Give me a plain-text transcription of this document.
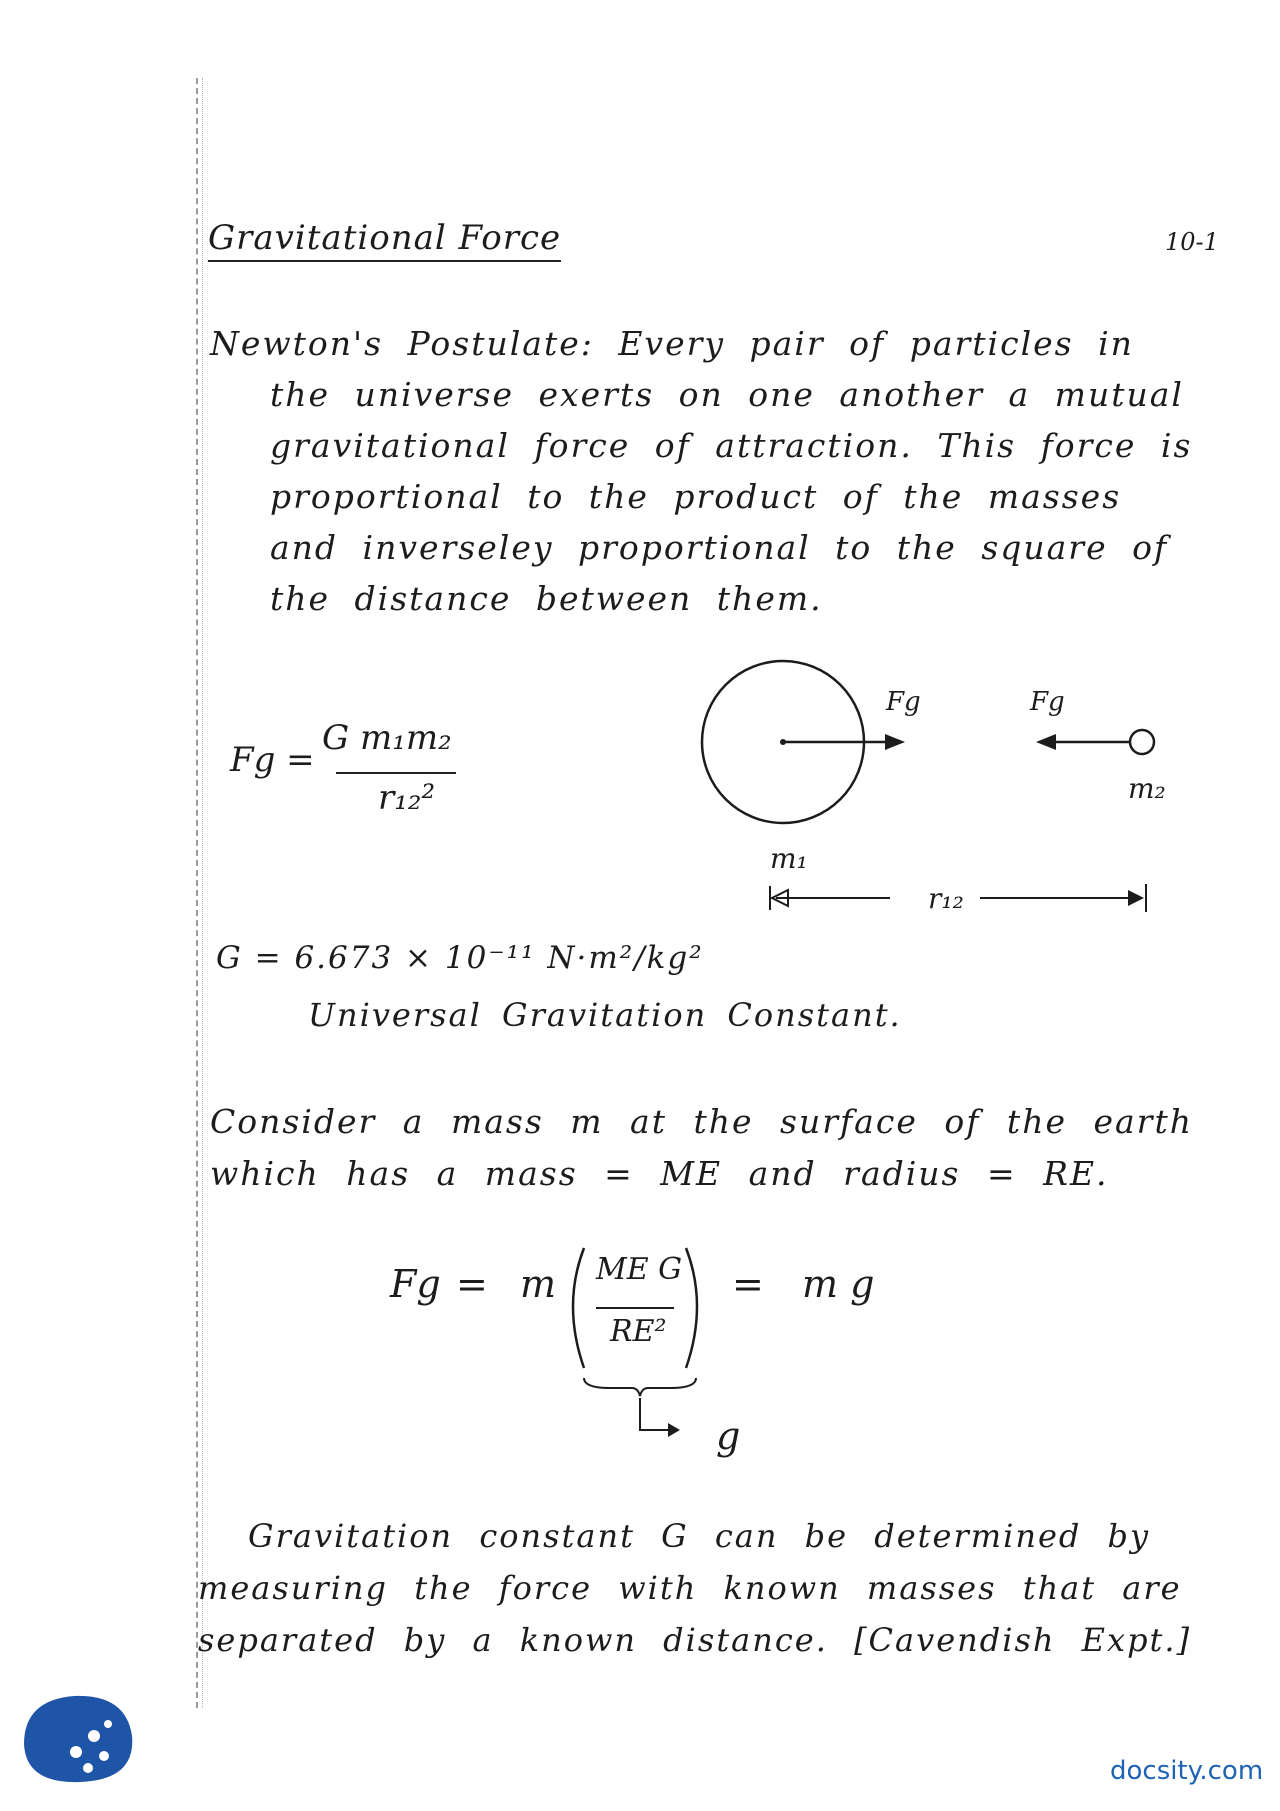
Gravitational Force	10-1
Newton's Postulate: Every pair of particles in
the universe exerts on one another a mutual gravitational force of attraction. This force is proportional to the product of the masses and inverseley proportional to the square of the distance between them.
Fg =
G m₁m₂
r₁₂²
Fg	Fg
m₂
m₁
r₁₂
G = 6.673 × 10⁻¹¹ N·m²/kg²
Universal Gravitation Constant.
Consider a mass m at the surface of the earth which has a mass = ME and radius = RE.
Fg = m ME G
RE²
= m g
g
Gravitation constant G can be determined by
measuring the force with known masses that are separated by a known distance. [Cavendish Expt.]
docsity.com
